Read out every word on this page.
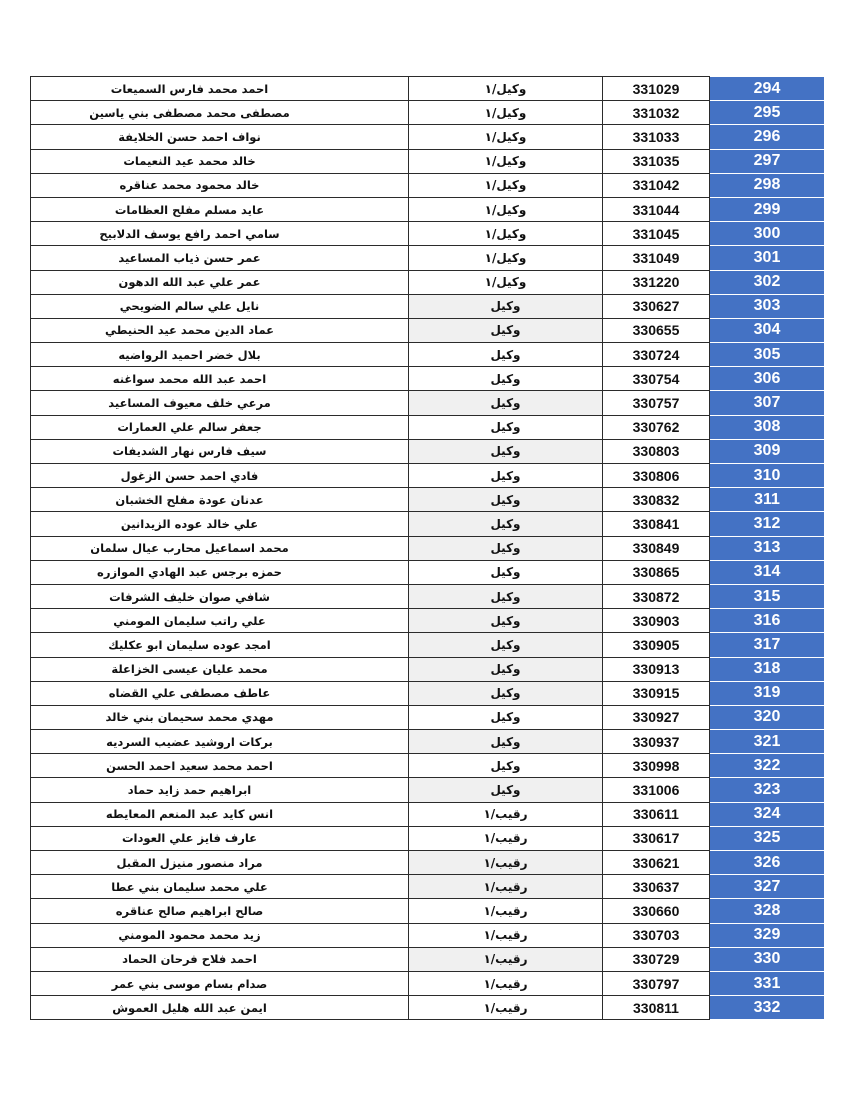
احمد محمد فارس السميعات	وكيل/١	331029	294
مصطفى محمد مصطفى بني ياسين	وكيل/١	331032	295
نواف احمد حسن الخلايفة	وكيل/١	331033	296
خالد محمد عيد النعيمات	وكيل/١	331035	297
خالد محمود محمد عناقره	وكيل/١	331042	298
عايد مسلم مفلح العظامات	وكيل/١	331044	299
سامي احمد رافع يوسف الدلابيح	وكيل/١	331045	300
عمر حسن ذياب المساعيد	وكيل/١	331049	301
عمر علي عبد الله الدهون	وكيل/١	331220	302
نايل علي سالم الضويحي	وكيل	330627	303
عماد الدين محمد عيد الحنيطي	وكيل	330655	304
بلال خضر احميد الرواضيه	وكيل	330724	305
احمد عبد الله محمد سواغنه	وكيل	330754	306
مرعي خلف معيوف المساعيد	وكيل	330757	307
جعفر سالم علي العمارات	وكيل	330762	308
سيف فارس نهار الشديفات	وكيل	330803	309
فادي احمد حسن الزغول	وكيل	330806	310
عدنان عودة مفلح الخشبان	وكيل	330832	311
علي خالد عوده الزيدانين	وكيل	330841	312
محمد اسماعيل محارب عيال سلمان	وكيل	330849	313
حمزه برجس عبد الهادي الموازره	وكيل	330865	314
شافي صوان خليف الشرفات	وكيل	330872	315
علي راتب سليمان المومني	وكيل	330903	316
امجد عوده سليمان ابو عكليك	وكيل	330905	317
محمد عليان عيسى الخزاعلة	وكيل	330913	318
عاطف مصطفى علي القضاه	وكيل	330915	319
مهدي محمد سحيمان بني خالد	وكيل	330927	320
بركات اروشيد عضيب السرديه	وكيل	330937	321
احمد محمد سعيد احمد الحسن	وكيل	330998	322
ابراهيم حمد زايد حماد	وكيل	331006	323
انس كايد عبد المنعم المعايطه	رقيب/١	330611	324
عارف فايز علي العودات	رقيب/١	330617	325
مراد منصور منيزل المقبل	رقيب/١	330621	326
علي محمد سليمان بني عطا	رقيب/١	330637	327
صالح ابراهيم صالح عناقره	رقيب/١	330660	328
زيد محمد محمود المومني	رقيب/١	330703	329
احمد فلاح فرحان الحماد	رقيب/١	330729	330
صدام بسام موسى بني عمر	رقيب/١	330797	331
ايمن عبد الله هليل العموش	رقيب/١	330811	332
